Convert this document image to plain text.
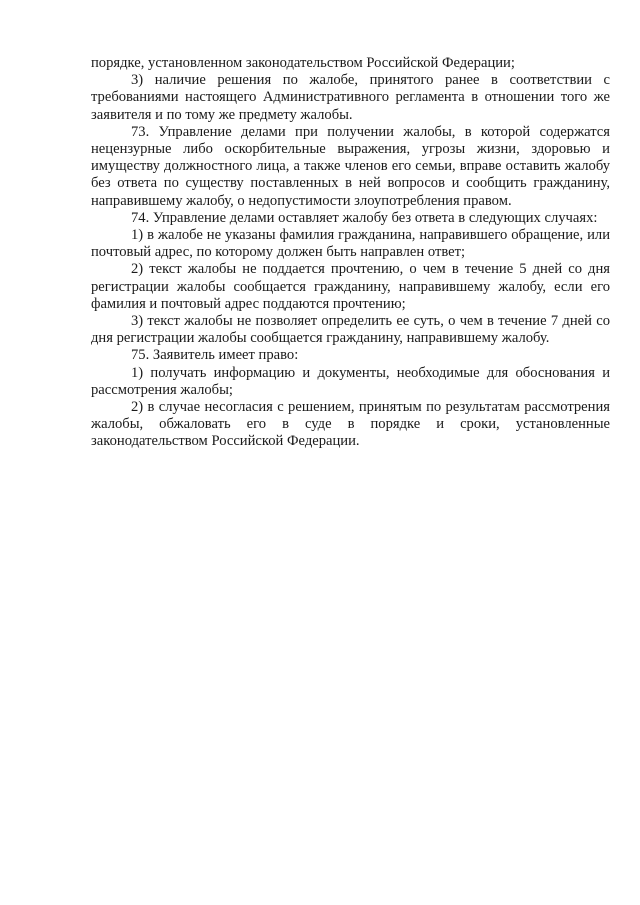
порядке, установленном законодательством Российской Федерации;

3) наличие решения по жалобе, принятого ранее в соответствии с требованиями настоящего Административного регламента в отношении того же заявителя и по тому же предмету жалобы.

73. Управление делами при получении жалобы, в которой содержатся нецензурные либо оскорбительные выражения, угрозы жизни, здоровью и имуществу должностного лица, а также членов его семьи, вправе оставить жалобу без ответа по существу поставленных в ней вопросов и сообщить гражданину, направившему жалобу, о недопустимости злоупотребления правом.

74. Управление делами оставляет жалобу без ответа в следующих случаях:

1) в жалобе не указаны фамилия гражданина, направившего обращение, или почтовый адрес, по которому должен быть направлен ответ;

2) текст жалобы не поддается прочтению, о чем в течение 5 дней со дня регистрации жалобы сообщается гражданину, направившему жалобу, если его фамилия и почтовый адрес поддаются прочтению;

3) текст жалобы не позволяет определить ее суть, о чем в течение 7 дней со дня регистрации жалобы сообщается гражданину, направившему жалобу.

75. Заявитель имеет право:

1) получать информацию и документы, необходимые для обоснования и рассмотрения жалобы;

2) в случае несогласия с решением, принятым по результатам рассмотрения жалобы, обжаловать его в суде в порядке и сроки, установленные законодательством Российской Федерации.
